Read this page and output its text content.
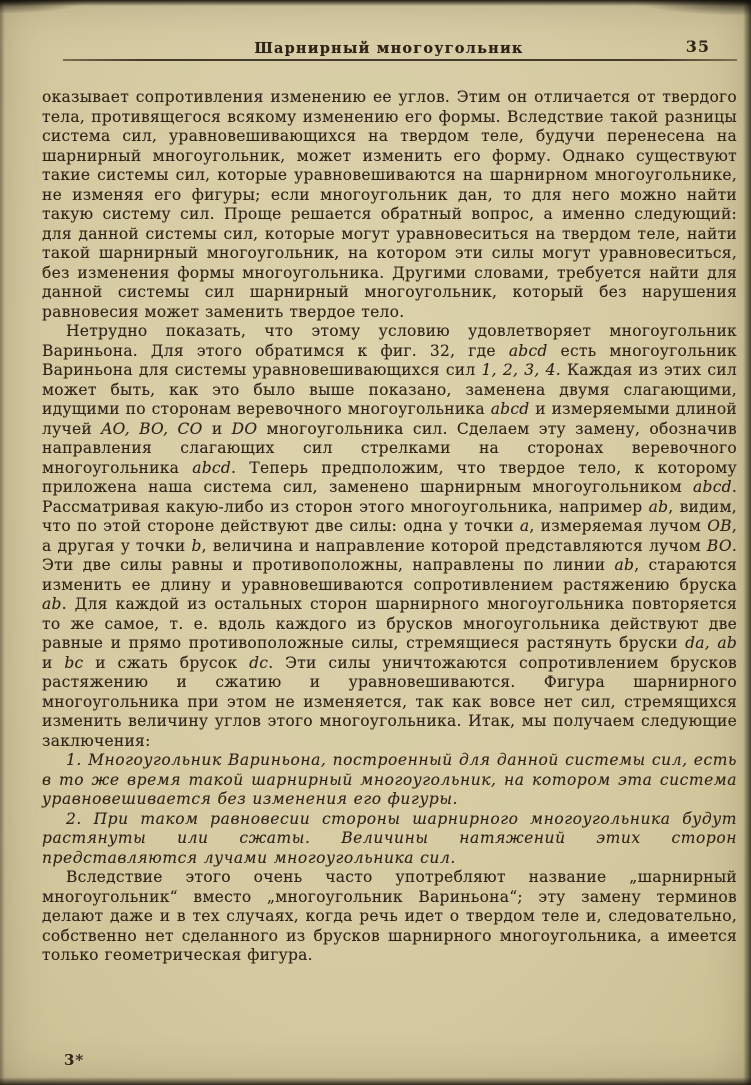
Шарнирный многоугольник	35

оказывает сопротивления изменению ее углов. Этим он отличается от твердого тела, противящегося всякому изменению его формы. Вследствие такой разницы система сил, уравновешивающихся на твердом теле, будучи перенесена на шарнирный многоугольник, может изменить его форму. Однако существуют такие системы сил, которые уравновешиваются на шарнирном многоугольнике, не изменяя его фигуры; если многоугольник дан, то для него можно найти такую систему сил. Проще решается обратный вопрос, а именно следующий: для данной системы сил, которые могут уравновеситься на твердом теле, найти такой шарнирный многоугольник, на котором эти силы могут уравновеситься, без изменения формы многоугольника. Другими словами, требуется найти для данной системы сил шарнирный многоугольник, который без нарушения равновесия может заменить твердое тело.

Нетрудно показать, что этому условию удовлетворяет многоугольник Вариньона. Для этого обратимся к фиг. 32, где abcd есть многоугольник Вариньона для системы уравновешивающихся сил 1, 2, 3, 4. Каждая из этих сил может быть, как это было выше показано, заменена двумя слагающими, идущими по сторонам веревочного многоугольника abcd и измеряемыми длиной лучей AO, BO, CO и DO многоугольника сил. Сделаем эту замену, обозначив направления слагающих сил стрелками на сторонах веревочного многоугольника abcd. Теперь предположим, что твердое тело, к которому приложена наша система сил, заменено шарнирным многоугольником abcd. Рассматривая какую-либо из сторон этого многоугольника, например ab, видим, что по этой стороне действуют две силы: одна у точки a, измеряемая лучом OB, а другая у точки b, величина и направление которой представляются лучом BO. Эти две силы равны и противоположны, направлены по линии ab, стараются изменить ее длину и уравновешиваются сопротивлением растяжению бруска ab. Для каждой из остальных сторон шарнирного многоугольника повторяется то же самое, т. е. вдоль каждого из брусков многоугольника действуют две равные и прямо противоположные силы, стремящиеся растянуть бруски da, ab и bc и сжать брусок dc. Эти силы уничтожаются сопротивлением брусков растяжению и сжатию и уравновешиваются. Фигура шарнирного многоугольника при этом не изменяется, так как вовсе нет сил, стремящихся изменить величину углов этого многоугольника. Итак, мы получаем следующие заключения:

1. Многоугольник Вариньона, построенный для данной системы сил, есть в то же время такой шарнирный многоугольник, на котором эта система уравновешивается без изменения его фигуры.

2. При таком равновесии стороны шарнирного многоугольника будут растянуты или сжаты. Величины натяжений этих сторон представляются лучами многоугольника сил.

Вследствие этого очень часто употребляют название „шарнирный многоугольник“ вместо „многоугольник Вариньона“; эту замену терминов делают даже и в тех случаях, когда речь идет о твердом теле и, следовательно, собственно нет сделанного из брусков шарнирного многоугольника, а имеется только геометрическая фигура.

3*
